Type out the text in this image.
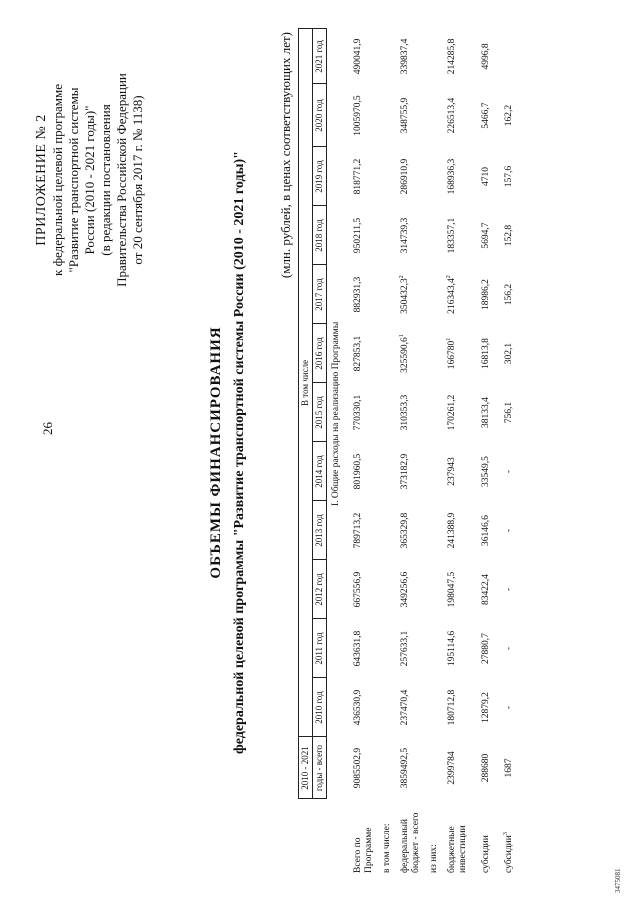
26
ПРИЛОЖЕНИЕ № 2 к федеральной целевой программе "Развитие транспортной системы России (2010 - 2021 годы)" (в редакции постановления Правительства Российской Федерации от 20 сентября 2017 г. № 1138)
ОБЪЕМЫ ФИНАНСИРОВАНИЯ федеральной целевой программы "Развитие транспортной системы России (2010 - 2021 годы)" (млн. рублей, в ценах соответствующих лет)
	2010 - 2021	В том числе											
	годы - всего	2010 год	2011 год	2012 год	2013 год	2014 год	2015 год	2016 год	2017 год	2018 год	2019 год	2020 год	2021 год
	I. Общие расходы на реализацию Программы												
Всего по Программе	9085502,9	436530,9	643631,8	667556,9	789713,2	801960,5	770330,1	827853,1	882931,3	950211,5	818771,2	1005970,5	490041,9
в том числе:													
федеральный бюджет - всего	3859492,5	237470,4	257633,1	349256,6	365329,8	373182,9	310353,3	325590,6$^1$	350432,3$^2$	314739,3	286910,9	348755,9	339837,4
из них:													
бюджетные инвестиции	2399784	180712,8	195114,6	198047,5	241388,9	237943	170261,2	166780$^1$	216343,4$^2$	183357,1	168936,3	226513,4	214285,8
субсидии	288680	12879,2	27880,7	83422,4	36146,6	33549,5	38133,4	16813,8	18986,2	5694,7	4710	5466,7	4996,8
субсидии$^3$	1687	-	-	-	-	-	756,1	302,1	156,2	152,8	157,6	162,2	
3475081
